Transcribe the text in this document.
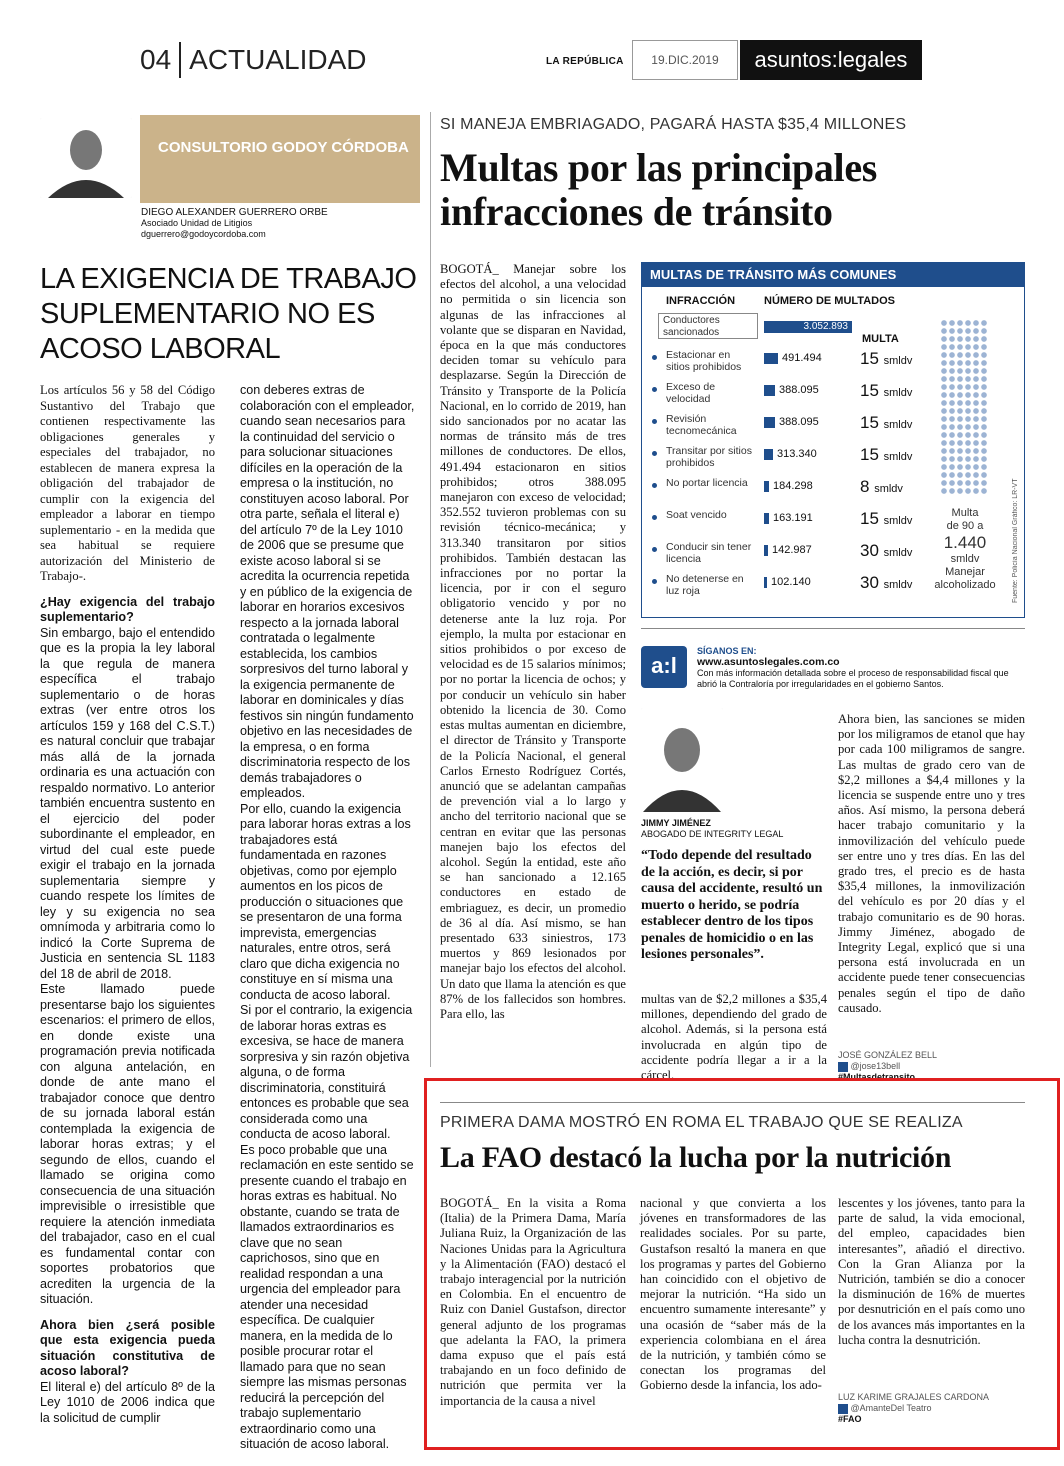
04 ACTUALIDAD	LA REPÚBLICA	19.DIC.2019	asuntos:legales
CONSULTORIO GODOY CÓRDOBA
DIEGO ALEXANDER GUERRERO ORBE
Asociado Unidad de Litigios
dguerrero@godoycordoba.com
LA EXIGENCIA DE TRABAJO SUPLEMENTARIO NO ES ACOSO LABORAL

Los artículos 56 y 58 del Código Sustantivo del Trabajo que contienen respectivamente las obligaciones generales y especiales del trabajador, no establecen de manera expresa la obligación del trabajador de cumplir con la exigencia del empleador a laborar en tiempo suplementario - en la medida que sea habitual se requiere autorización del Ministerio de Trabajo-.

¿Hay exigencia del trabajo suplementario?

Sin embargo, bajo el entendido que es la propia la ley laboral la que regula de manera específica el trabajo suplementario o de horas extras (ver entre otros los artículos 159 y 168 del C.S.T.) es natural concluir que trabajar más allá de la jornada ordinaria es una actuación con respaldo normativo. Lo anterior también encuentra sustento en el ejercicio del poder subordinante el empleador, en virtud del cual este puede exigir el trabajo en la jornada suplementaria siempre y cuando respete los límites de ley y su exigencia no sea omnímoda y arbitraria como lo indicó la Corte Suprema de Justicia en sentencia SL 1183 del 18 de abril de 2018.

Este llamado puede presentarse bajo los siguientes escenarios: el primero de ellos, en donde existe una programación previa notificada con alguna antelación, en donde de ante mano el trabajador conoce que dentro de su jornada laboral están contemplada la exigencia de laborar horas extras; y el segundo de ellos, cuando el llamado se origina como consecuencia de una situación imprevisible o irresistible que requiere la atención inmediata del trabajador, caso en el cual es fundamental contar con soportes probatorios que acrediten la urgencia de la situación.

Ahora bien ¿será posible que esta exigencia pueda situación constitutiva de acoso laboral?

El literal e) del artículo 8º de la Ley 1010 de 2006 indica que la solicitud de cumplir

con deberes extras de colaboración con el empleador, cuando sean necesarios para la continuidad del servicio o para solucionar situaciones difíciles en la operación de la empresa o la institución, no constituyen acoso laboral. Por otra parte, señala el literal e) del artículo 7º de la Ley 1010 de 2006 que se presume que existe acoso laboral si se acredita la ocurrencia repetida y en público de la exigencia de laborar en horarios excesivos respecto a la jornada laboral contratada o legalmente establecida, los cambios sorpresivos del turno laboral y la exigencia permanente de laborar en dominicales y días festivos sin ningún fundamento objetivo en las necesidades de la empresa, o en forma discriminatoria respecto de los demás trabajadores o empleados.

Por ello, cuando la exigencia para laborar horas extras a los trabajadores está fundamentada en razones objetivas, como por ejemplo aumentos en los picos de producción o situaciones que se presentaron de una forma imprevista, emergencias naturales, entre otros, será claro que dicha exigencia no constituye en sí misma una conducta de acoso laboral.

Si por el contrario, la exigencia de laborar horas extras es excesiva, se hace de manera sorpresiva y sin razón objetiva alguna, o de forma discriminatoria, constituirá entonces es probable que sea considerada como una conducta de acoso laboral.

Es poco probable que una reclamación en este sentido se presente cuando el trabajo en horas extras es habitual. No obstante, cuando se trata de llamados extraordinarios es clave que no sean caprichosos, sino que en realidad respondan a una urgencia del empleador para atender una necesidad específica. De cualquier manera, en la medida de lo posible procurar rotar el llamado para que no sean siempre las mismas personas reducirá la percepción del trabajo suplementario extraordinario como una situación de acoso laboral.

SI MANEJA EMBRIAGADO, PAGARÁ HASTA $35,4 MILLONES
Multas por las principales infracciones de tránsito
BOGOTÁ_ Manejar sobre los efectos del alcohol, a una velocidad no permitida o sin licencia son algunas de las infracciones al volante que se disparan en Navidad, época en la que más conductores deciden tomar su vehículo para desplazarse. Según la Dirección de Tránsito y Transporte de la Policía Nacional, en lo corrido de 2019, han sido sancionados por no acatar las normas de tránsito más de tres millones de conductores. De ellos, 491.494 estacionaron en sitios prohibidos; otros 388.095 manejaron con exceso de velocidad; 352.552 tuvieron problemas con su revisión técnico-mecánica; y 313.340 transitaron por sitios prohibidos. También destacan las infracciones por no portar la licencia, por ir con el seguro obligatorio vencido y por no detenerse ante la luz roja. Por ejemplo, la multa por estacionar en sitios prohibidos o por exceso de velocidad es de 15 salarios mínimos; por no portar la licencia de ochos; y por conducir un vehículo sin haber obtenido la licencia de 30. Como estas multas aumentan en diciembre, el director de Tránsito y Transporte de la Policía Nacional, el general Carlos Ernesto Rodríguez Cortés, anunció que se adelantan campañas de prevención vial a lo largo y ancho del territorio nacional que se centran en evitar que las personas manejen bajo los efectos del alcohol. Según la entidad, este año se han sancionado a 12.165 conductores en estado de embriaguez, es decir, un promedio de 36 al día. Así mismo, se han presentado 633 siniestros, 173 muertos y 869 lesionados por manejar bajo los efectos del alcohol. Un dato que llama la atención es que 87% de los fallecidos son hombres. Para ello, las
MULTAS DE TRÁNSITO MÁS COMUNES
INFRACCIÓN	NÚMERO DE MULTADOS
MULTA
Conductores sancionados
3.052.893
Estacionar en sitios prohibidos
491.494 15 smldv
Exceso de velocidad
388.095 15 smldv
Revisión tecnomecánica
388.095 15 smldv
Transitar por sitios prohibidos
313.340	15 smldv
No portar licencia	184.298	8 smldv
Soat vencido	163.191	15 smldv
Conducir sin tener licencia
142.987	30 smldv
No detenerse en luz roja
102.140	30 smldv
Multa
de 90 a
1.440
smldv
Manejar
alcoholizado	Fuente: Policía Nacional Gráfico: LR-VT
a:l
SÍGANOS EN:
www.asuntoslegales.com.co
Con más información detallada sobre el proceso de responsabilidad fiscal que abrió la Contraloría por irregularidades en el gobierno Santos.
JIMMY JIMÉNEZ
ABOGADO DE INTEGRITY LEGAL
“Todo depende del resultado de la acción, es decir, si por causa del accidente, resultó un muerto o herido, se podría establecer dentro de los tipos penales de homicidio o en las lesiones personales”.
multas van de $2,2 millones a $35,4 millones, dependiendo del grado de alcohol. Además, si la persona está involucrada en algún tipo de accidente podría llegar a ir a la cárcel.
Ahora bien, las sanciones se miden por los miligramos de etanol que hay por cada 100 miligramos de sangre. Las multas de grado cero van de $2,2 millones a $4,4 millones y la licencia se suspende entre uno y tres años. Así mismo, la persona deberá hacer trabajo comunitario y la inmovilización del vehículo puede ser entre uno y tres días. En las del grado tres, el precio es de hasta $35,4 millones, la inmovilización del vehículo es por 20 días y el trabajo comunitario es de 90 horas. Jimmy Jiménez, abogado de Integrity Legal, explicó que si una persona está involucrada en un accidente puede tener consecuencias penales según el tipo de daño causado.
JOSÉ GONZÁLEZ BELL
@jose13bell
#Multasdetransito
PRIMERA DAMA MOSTRÓ EN ROMA EL TRABAJO QUE SE REALIZA
La FAO destacó la lucha por la nutrición
BOGOTÁ_ En la visita a Roma (Italia) de la Primera Dama, María Juliana Ruiz, la Organización de las Naciones Unidas para la Agricultura y la Alimentación (FAO) destacó el trabajo interagencial por la nutrición en Colombia. En el encuentro de Ruiz con Daniel Gustafson, director general adjunto de los programas que adelanta la FAO, la primera dama expuso que el país está trabajando en un foco definido de nutrición que permita ver la importancia de la causa a nivel
nacional y que convierta a los jóvenes en transformadores de las realidades sociales. Por su parte, Gustafson resaltó la manera en que los programas y partes del Gobierno han coincidido con el objetivo de mejorar la nutrición. “Ha sido un encuentro sumamente interesante” y una ocasión de “saber más de la experiencia colombiana en el área de la nutrición, y también cómo se conectan los programas del Gobierno desde la infancia, los ado-
lescentes y los jóvenes, tanto para la parte de salud, la vida emocional, del empleo, capacidades bien interesantes”, añadió el directivo. Con la Gran Alianza por la Nutrición, también se dio a conocer la disminución de 16% de muertes por desnutrición en el país como uno de los avances más importantes en la lucha contra la desnutrición.
LUZ KARIME GRAJALES CARDONA
@AmanteDel Teatro
#FAO
